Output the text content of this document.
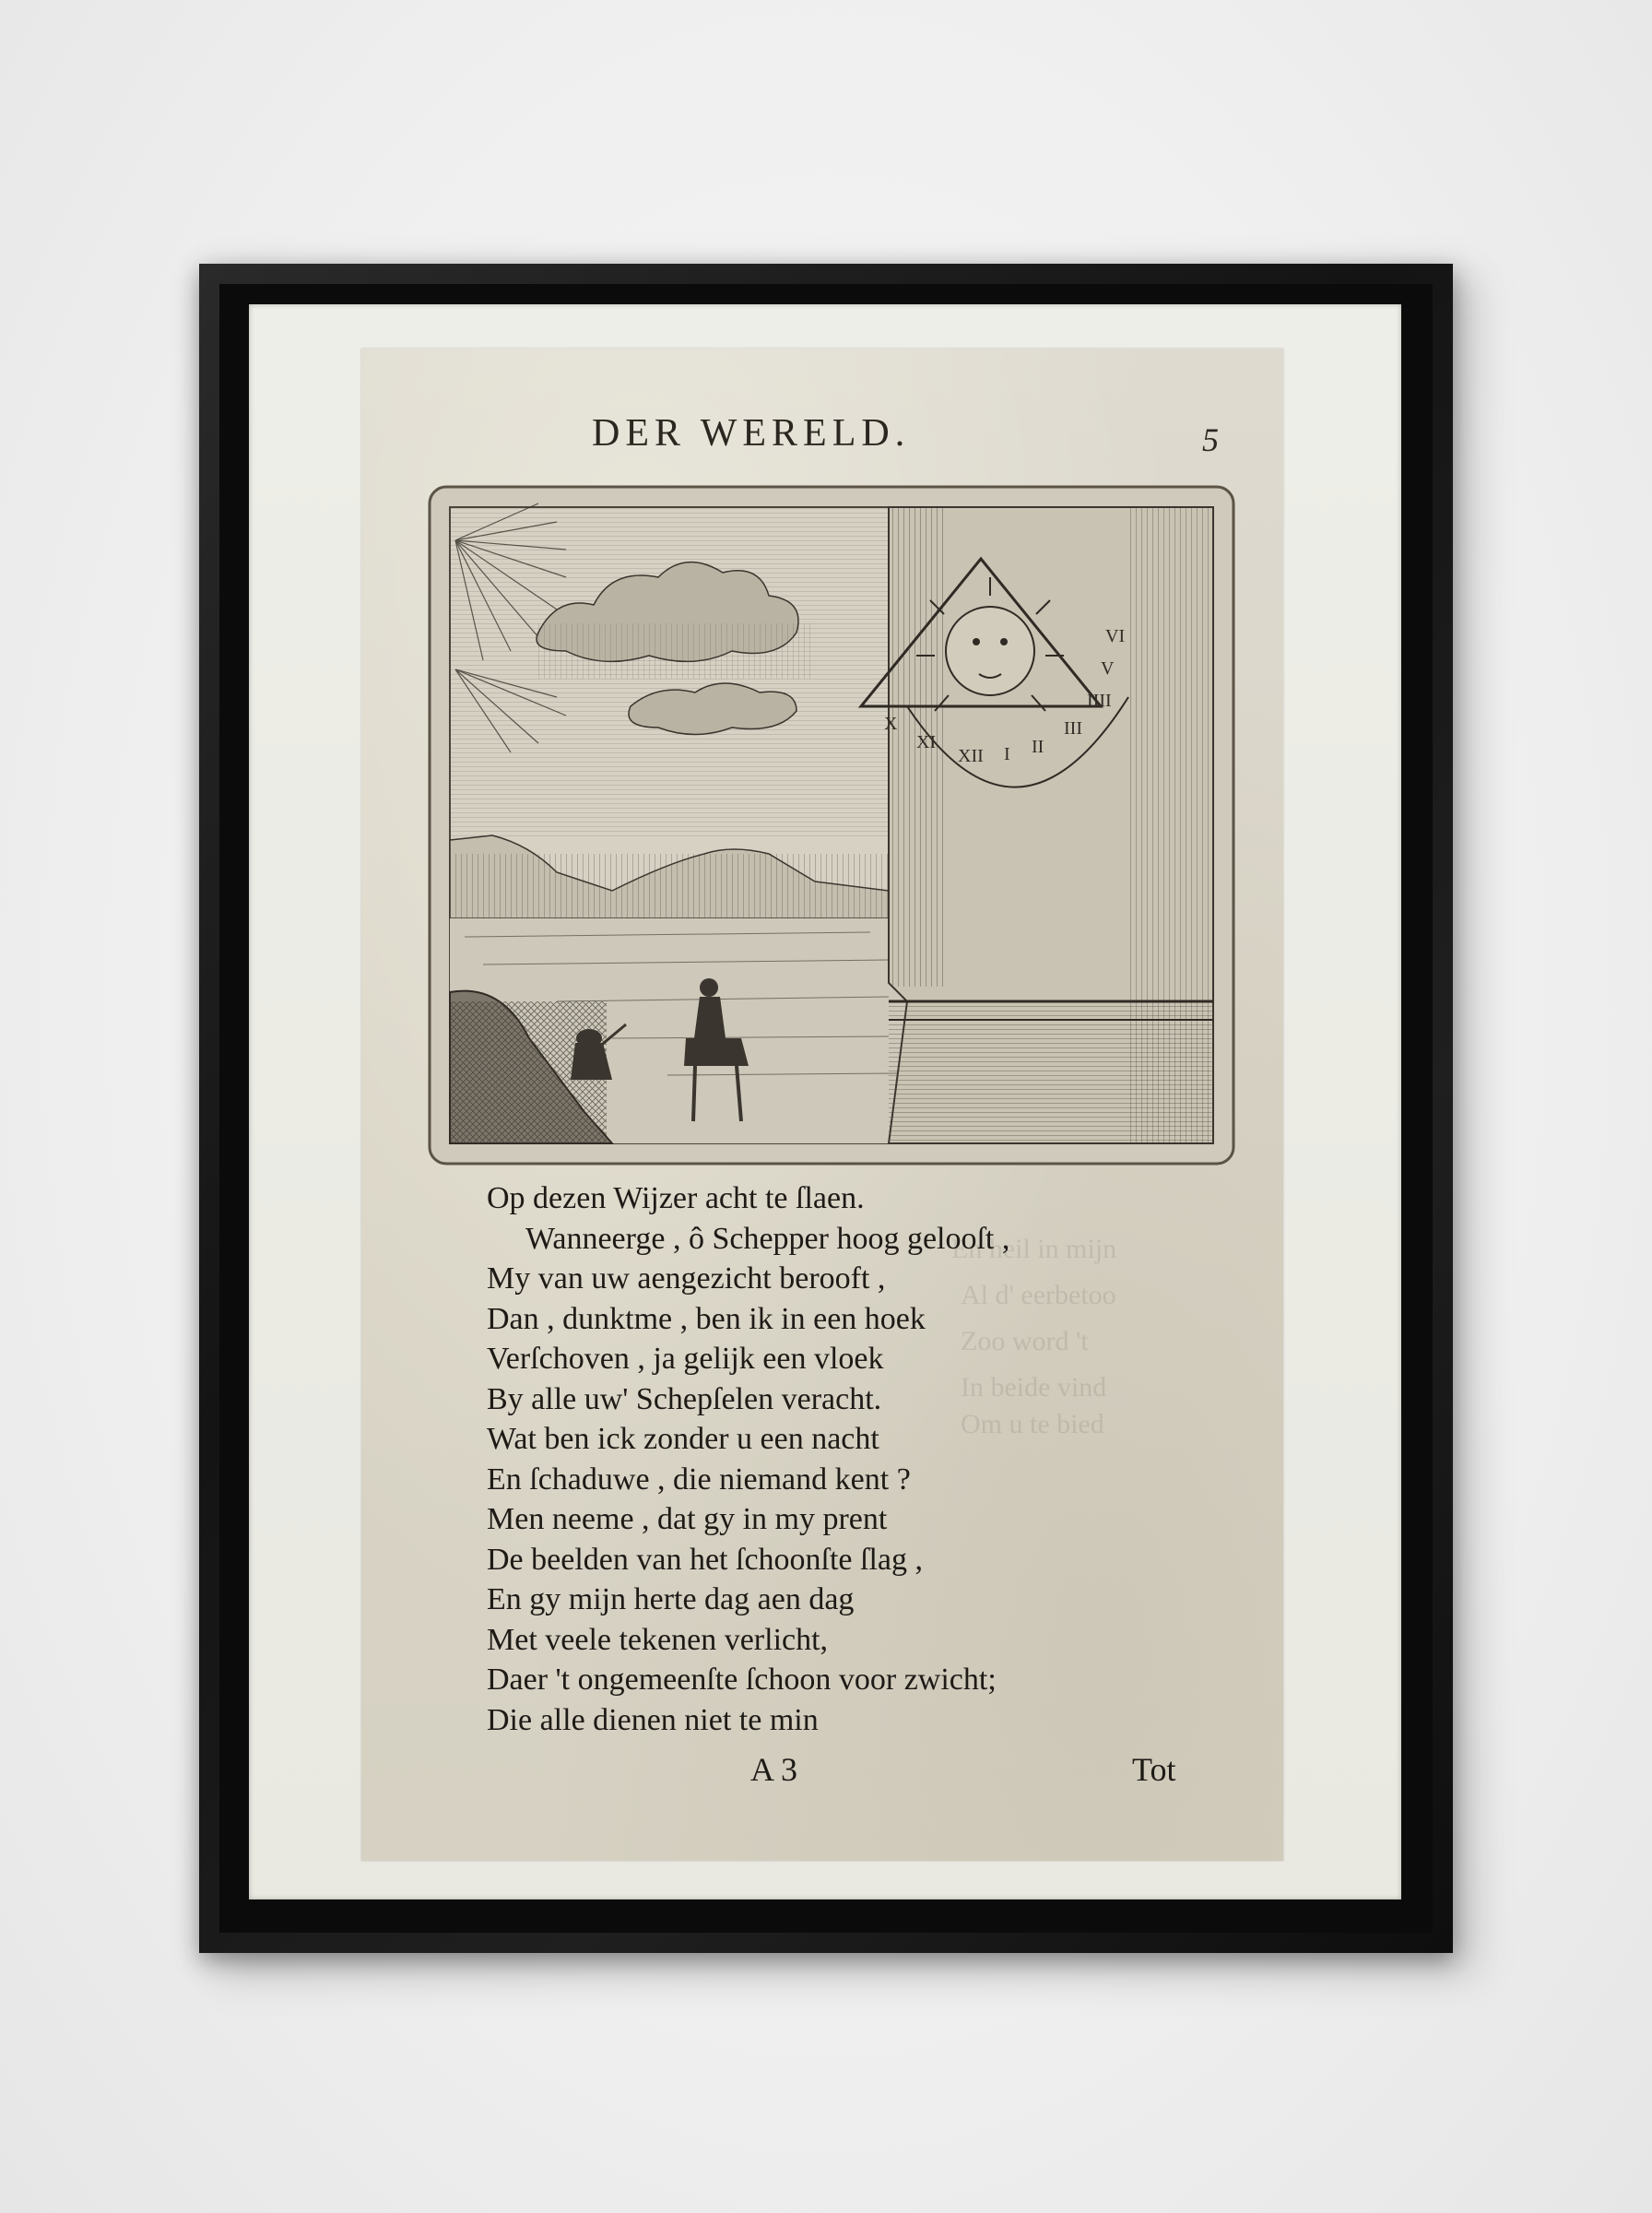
En heil in mijn
Al d' eerbetoo
Zoo word 't
In beide vind
Om u te bied
DER WERELD.	5
XII I II
III
IIII
V
VI
XI
X
Op dezen Wijzer acht te ſlaen.
Wanneerge , ô Schepper hoog gelooſt ,
My van uw aengezicht berooft ,
Dan , dunktme , ben ik in een hoek
Verſchoven , ja gelijk een vloek
By alle uw' Schepſelen veracht.
Wat ben ick zonder u een nacht
En ſchaduwe , die niemand kent ?
Men neeme , dat gy in my prent
De beelden van het ſchoonſte ſlag ,
En gy mijn herte dag aen dag
Met veele tekenen verlicht,
Daer 't ongemeenſte ſchoon voor zwicht;
Die alle dienen niet te min
A 3	Tot
